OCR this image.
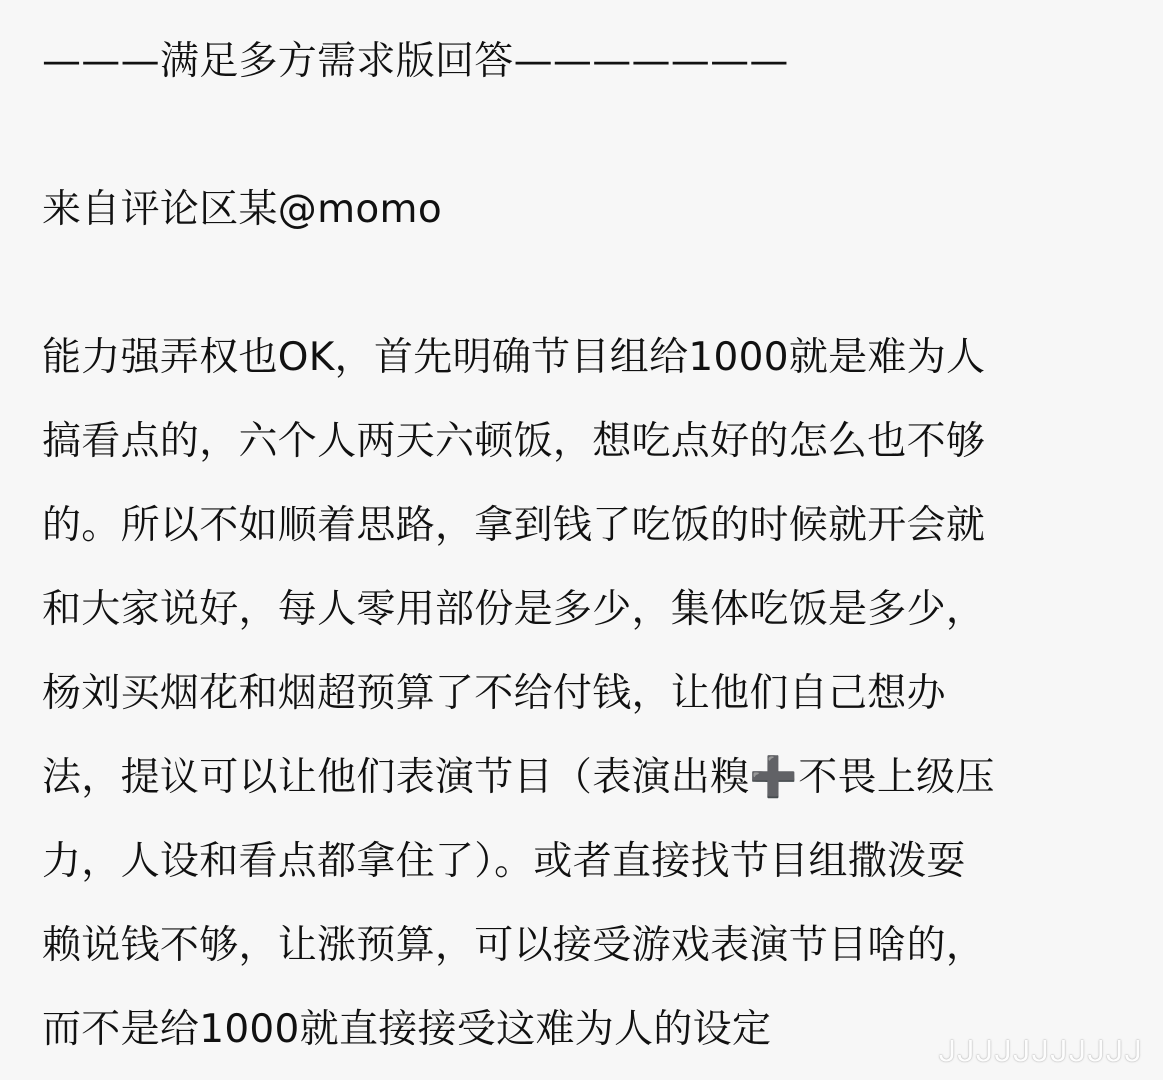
———满足多方需求版回答———————
来自评论区某@momo
能力强弄权也OK，首先明确节目组给1000就是难为人
搞看点的，六个人两天六顿饭，想吃点好的怎么也不够
的。所以不如顺着思路，拿到钱了吃饭的时候就开会就
和大家说好，每人零用部份是多少，集体吃饭是多少，
杨刘买烟花和烟超预算了不给付钱，让他们自己想办
法，提议可以让他们表演节目（表演出糗➕不畏上级压
力，人设和看点都拿住了）。或者直接找节目组撒泼耍
赖说钱不够，让涨预算，可以接受游戏表演节目啥的，
而不是给1000就直接接受这难为人的设定	ᒍᒍᒍᒍᒍᒍᒍᒍᒍᒍᒍ
